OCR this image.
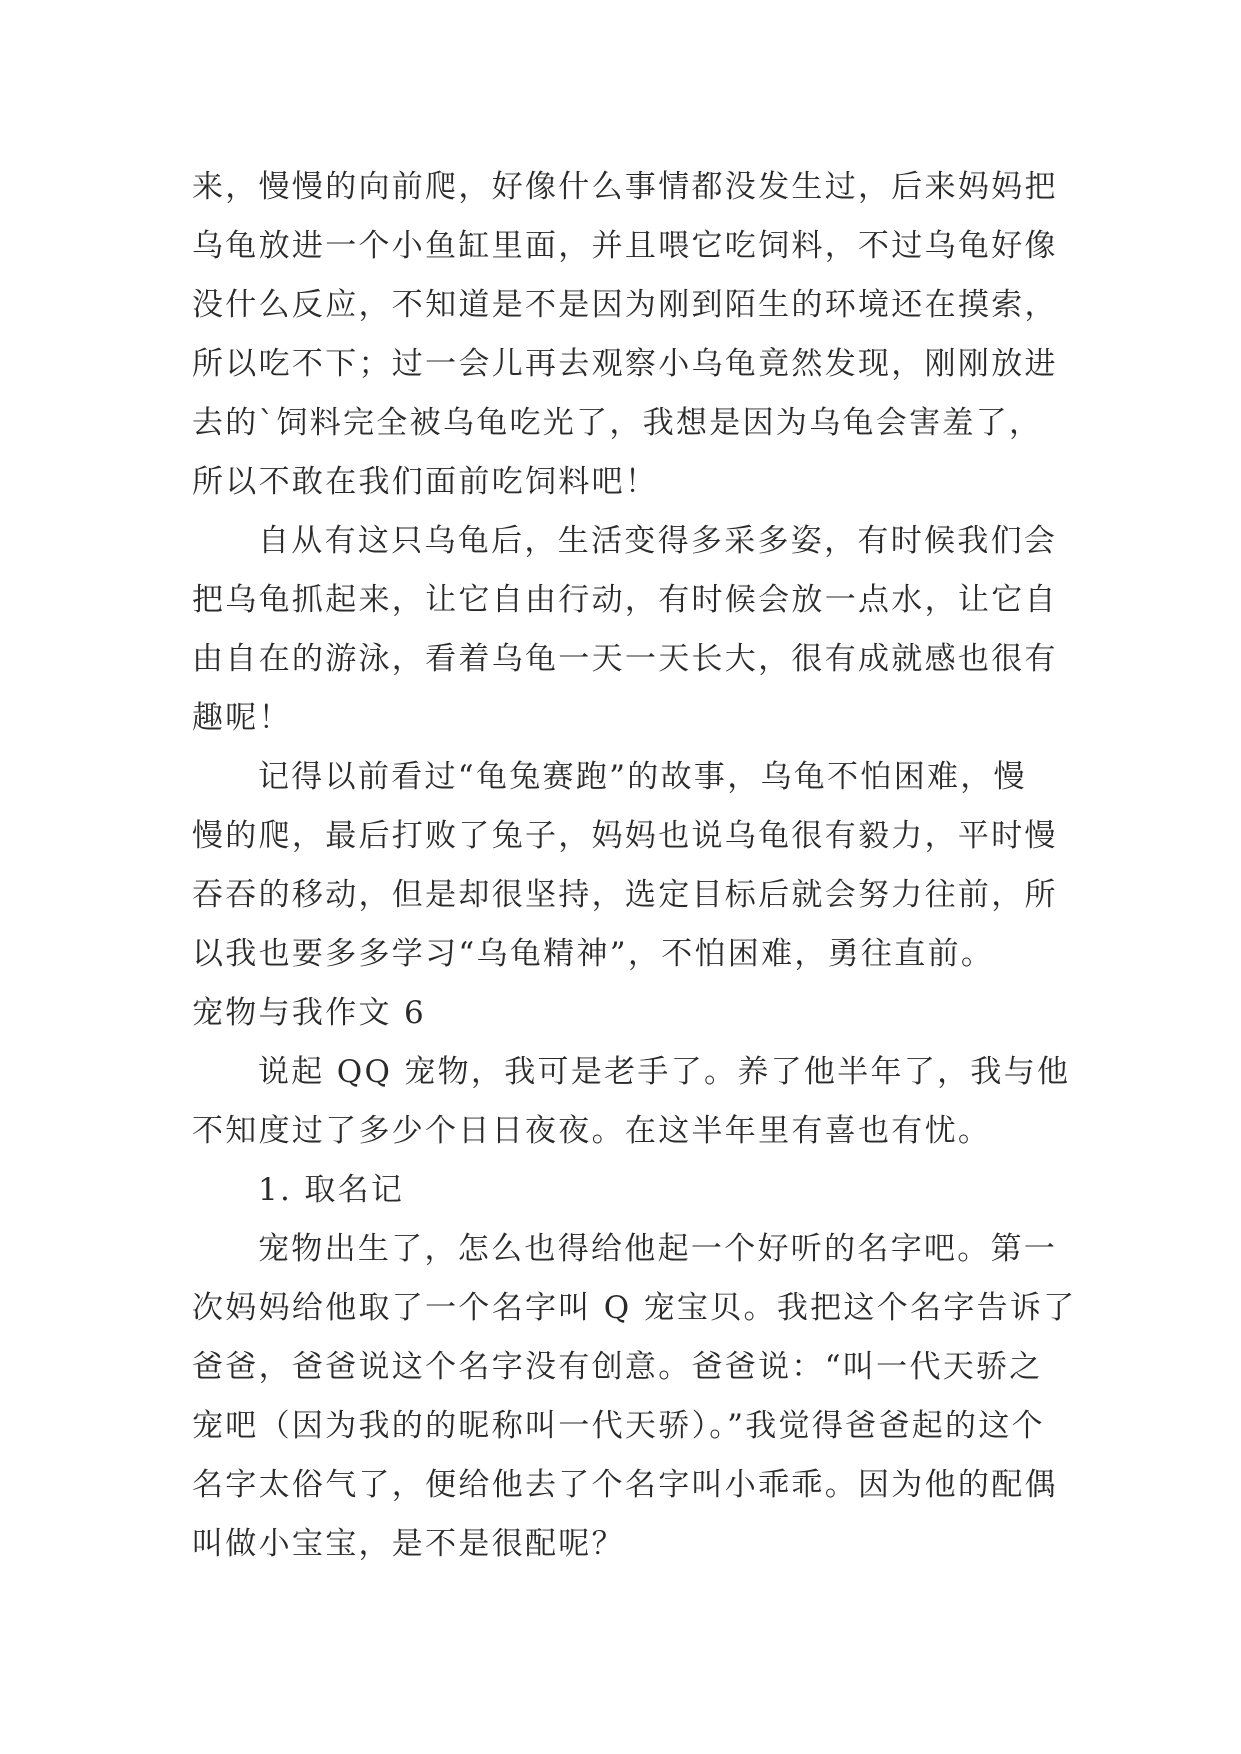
来，慢慢的向前爬，好像什么事情都没发生过，后来妈妈把
乌龟放进一个小鱼缸里面，并且喂它吃饲料，不过乌龟好像
没什么反应，不知道是不是因为刚到陌生的环境还在摸索，
所以吃不下；过一会儿再去观察小乌龟竟然发现，刚刚放进
去的`饲料完全被乌龟吃光了，我想是因为乌龟会害羞了，
所以不敢在我们面前吃饲料吧！
自从有这只乌龟后，生活变得多采多姿，有时候我们会
把乌龟抓起来，让它自由行动，有时候会放一点水，让它自
由自在的游泳，看着乌龟一天一天长大，很有成就感也很有
趣呢！
记得以前看过“龟兔赛跑”的故事，乌龟不怕困难，慢
慢的爬，最后打败了兔子，妈妈也说乌龟很有毅力，平时慢
吞吞的移动，但是却很坚持，选定目标后就会努力往前，所
以我也要多多学习“乌龟精神”，不怕困难，勇往直前。
宠物与我作文 6
说起 QQ 宠物，我可是老手了。养了他半年了，我与他
不知度过了多少个日日夜夜。在这半年里有喜也有忧。
1. 取名记
宠物出生了，怎么也得给他起一个好听的名字吧。第一
次妈妈给他取了一个名字叫 Q 宠宝贝。我把这个名字告诉了
爸爸，爸爸说这个名字没有创意。爸爸说：“叫一代天骄之
宠吧（因为我的的昵称叫一代天骄）。”我觉得爸爸起的这个
名字太俗气了，便给他去了个名字叫小乖乖。因为他的配偶
叫做小宝宝，是不是很配呢？
